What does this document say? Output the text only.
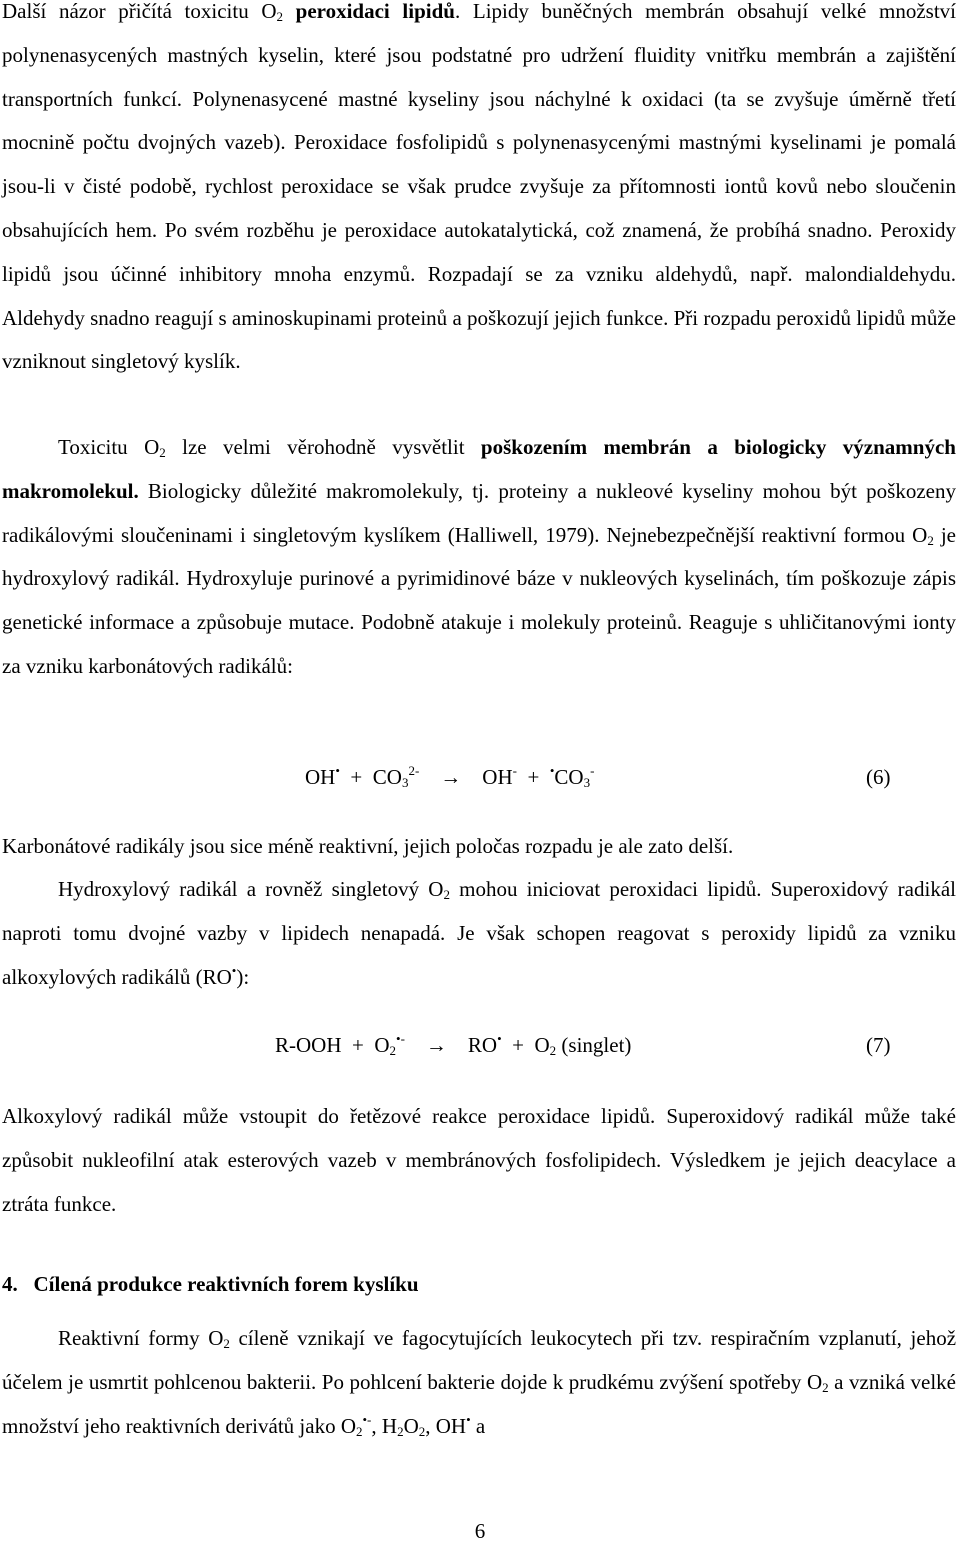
Další názor přičítá toxicitu $O_2$ peroxidaci lipidů. Lipidy buněčných membrán obsahují velké množství polynenasycených mastných kyselin, které jsou podstatné pro udržení fluidity vnitřku membrán a zajištění transportních funkcí. Polynenasycené mastné kyseliny jsou náchylné k oxidaci (ta se zvyšuje úměrně třetí mocnině počtu dvojných vazeb). Peroxidace fosfolipidů s polynenasycenými mastnými kyselinami je pomalá jsou-li v čisté podobě, rychlost peroxidace se však prudce zvyšuje za přítomnosti iontů kovů nebo sloučenin obsahujících hem. Po svém rozběhu je peroxidace autokatalytická, což znamená, že probíhá snadno. Peroxidy lipidů jsou účinné inhibitory mnoha enzymů. Rozpadají se za vzniku aldehydů, např. malondialdehydu. Aldehydy snadno reagují s aminoskupinami proteinů a poškozují jejich funkce. Při rozpadu peroxidů lipidů může vzniknout singletový kyslík.

Toxicitu $O_2$ lze velmi věrohodně vysvětlit poškozením membrán a biologicky významných makromolekul. Biologicky důležité makromolekuly, tj. proteiny a nukleové kyseliny mohou být poškozeny radikálovými sloučeninami i singletovým kyslíkem (Halliwell, 1979). Nejnebezpečnější reaktivní formou $O_2$ je hydroxylový radikál. Hydroxyluje purinové a pyrimidinové báze v nukleových kyselinách, tím poškozuje zápis genetické informace a způsobuje mutace. Podobně atakuje i molekuly proteinů. Reaguje s uhličitanovými ionty za vzniku karbonátových radikálů:

$OH^• + CO_3^{2-} \to OH^- + ^•CO_3^-$	(6)

Karbonátové radikály jsou sice méně reaktivní, jejich poločas rozpadu je ale zato delší.

Hydroxylový radikál a rovněž singletový $O_2$ mohou iniciovat peroxidaci lipidů. Superoxidový radikál naproti tomu dvojné vazby v lipidech nenapadá. Je však schopen reagovat s peroxidy lipidů za vzniku alkoxylových radikálů (RO•):

$R-OOH + O_2^{•-} \to RO^• + O_2$ (singlet)	(7)

Alkoxylový radikál může vstoupit do řetězové reakce peroxidace lipidů. Superoxidový radikál může také způsobit nukleofilní atak esterových vazeb v membránových fosfolipidech. Výsledkem je jejich deacylace a ztráta funkce.

4. Cílená produkce reaktivních forem kyslíku

Reaktivní formy $O_2$ cíleně vznikají ve fagocytujících leukocytech při tzv. respiračním vzplanutí, jehož účelem je usmrtit pohlcenou bakterii. Po pohlcení bakterie dojde k prudkému zvýšení spotřeby $O_2$ a vzniká velké množství jeho reaktivních derivátů jako $O_2^{•-}$, $H_2O_2$, OH• a

6
